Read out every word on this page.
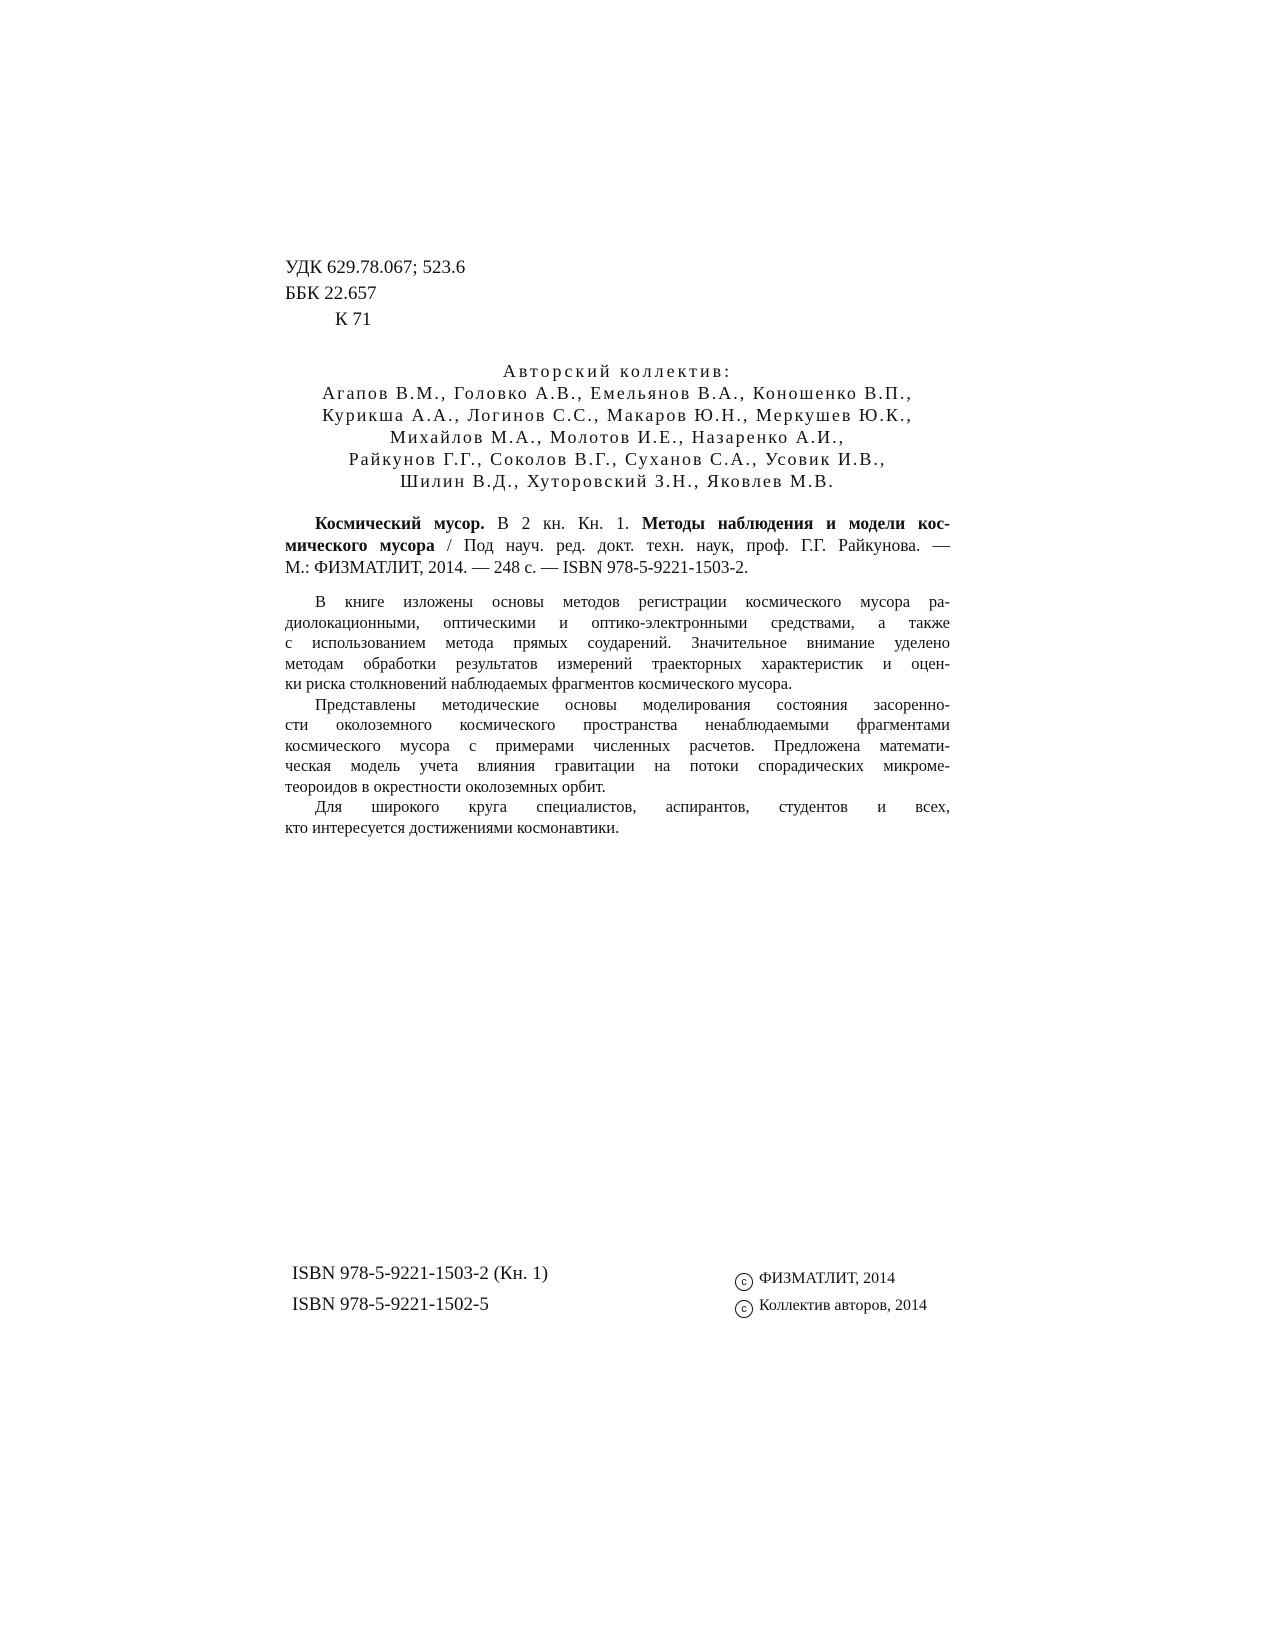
УДК 629.78.067; 523.6
ББК 22.657
К 71
Авторский коллектив:
Агапов В.М., Головко А.В., Емельянов В.А., Коношенко В.П.,
Курикша А.А., Логинов С.С., Макаров Ю.Н., Меркушев Ю.К.,
Михайлов М.А., Молотов И.Е., Назаренко А.И.,
Райкунов Г.Г., Соколов В.Г., Суханов С.А., Усовик И.В.,
Шилин В.Д., Хуторовский З.Н., Яковлев М.В.
Космический мусор. В 2 кн. Кн. 1. Методы наблюдения и модели кос-
мического мусора / Под науч. ред. докт. техн. наук, проф. Г.Г. Райкунова. —
М.: ФИЗМАТЛИТ, 2014. — 248 с. — ISBN 978-5-9221-1503-2.
В книге изложены основы методов регистрации космического мусора ра-
диолокационными, оптическими и оптико-электронными средствами, а также
с использованием метода прямых соударений. Значительное внимание уделено
методам обработки результатов измерений траекторных характеристик и оцен-
ки риска столкновений наблюдаемых фрагментов космического мусора.
Представлены методические основы моделирования состояния засоренно-
сти околоземного космического пространства ненаблюдаемыми фрагментами
космического мусора с примерами численных расчетов. Предложена математи-
ческая модель учета влияния гравитации на потоки спорадических микроме-
теороидов в окрестности околоземных орбит.
Для широкого круга специалистов, аспирантов, студентов и всех,
кто интересуется достижениями космонавтики.
ISBN 978-5-9221-1503-2 (Кн. 1)
ISBN 978-5-9221-1502-5
c ФИЗМАТЛИТ, 2014
c Коллектив авторов, 2014
